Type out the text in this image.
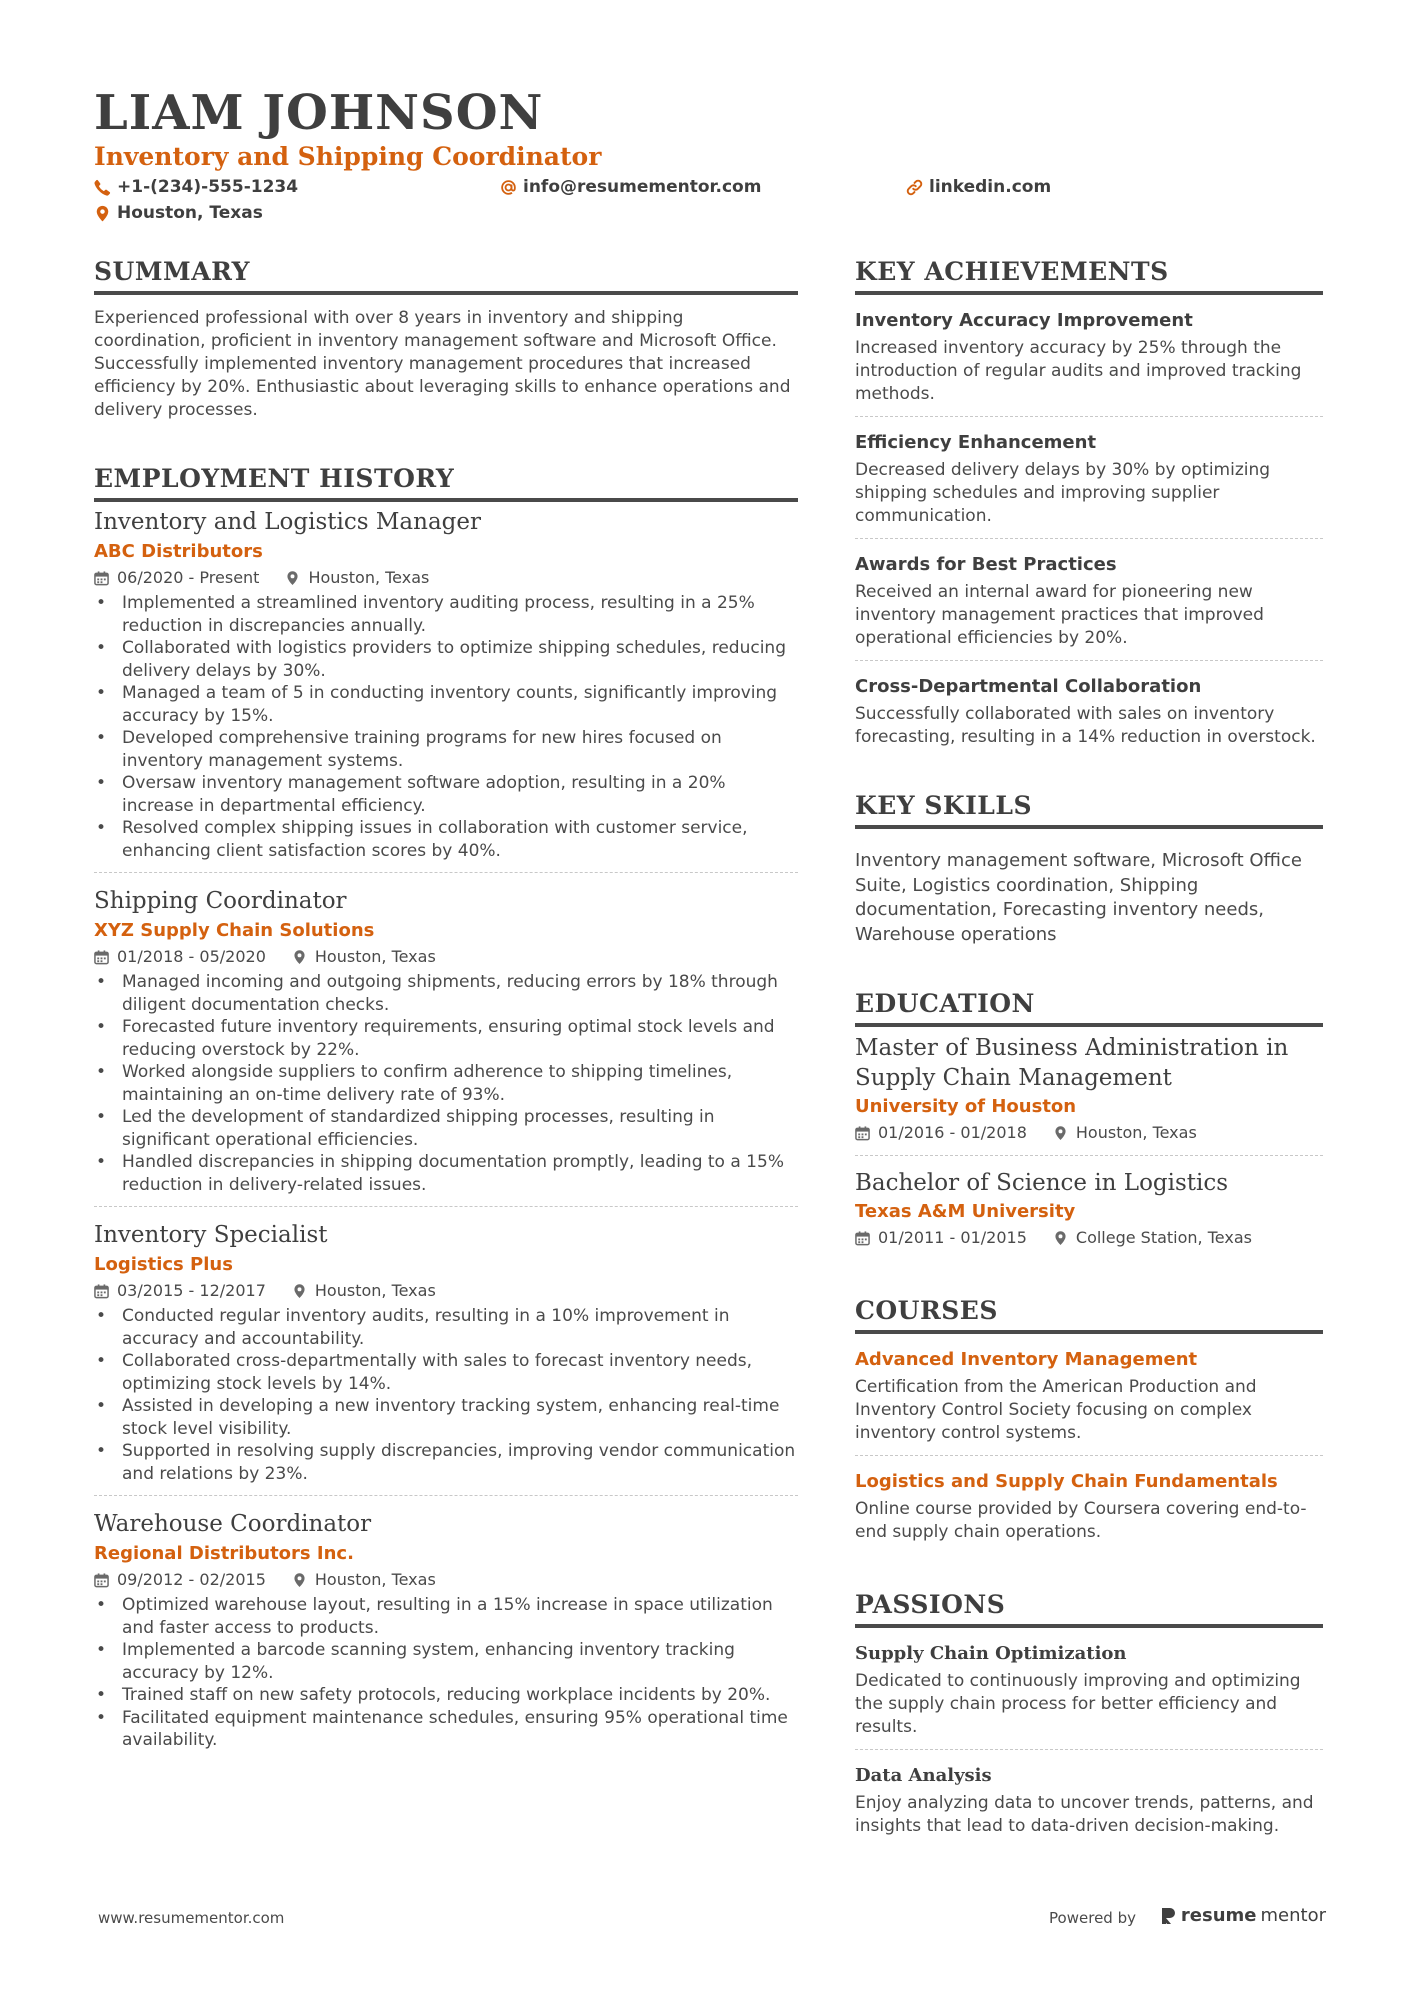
LIAM JOHNSON
Inventory and Shipping Coordinator
+1-(234)-555-1234	info@resumementor.com	linkedin.com
Houston, Texas
SUMMARY
Experienced professional with over 8 years in inventory and shipping coordination, proficient in inventory management software and Microsoft Office. Successfully implemented inventory management procedures that increased efficiency by 20%. Enthusiastic about leveraging skills to enhance operations and delivery processes.
EMPLOYMENT HISTORY
Inventory and Logistics Manager
ABC Distributors
06/2020 - Present	Houston, Texas
• Implemented a streamlined inventory auditing process, resulting in a 25% reduction in discrepancies annually.
• Collaborated with logistics providers to optimize shipping schedules, reducing delivery delays by 30%.
• Managed a team of 5 in conducting inventory counts, significantly improving accuracy by 15%.
• Developed comprehensive training programs for new hires focused on inventory management systems.
• Oversaw inventory management software adoption, resulting in a 20% increase in departmental efficiency.
• Resolved complex shipping issues in collaboration with customer service, enhancing client satisfaction scores by 40%.
Shipping Coordinator
XYZ Supply Chain Solutions
01/2018 - 05/2020	Houston, Texas
• Managed incoming and outgoing shipments, reducing errors by 18% through diligent documentation checks.
• Forecasted future inventory requirements, ensuring optimal stock levels and reducing overstock by 22%.
• Worked alongside suppliers to confirm adherence to shipping timelines, maintaining an on-time delivery rate of 93%.
• Led the development of standardized shipping processes, resulting in significant operational efficiencies.
• Handled discrepancies in shipping documentation promptly, leading to a 15% reduction in delivery-related issues.
Inventory Specialist
Logistics Plus
03/2015 - 12/2017	Houston, Texas
• Conducted regular inventory audits, resulting in a 10% improvement in accuracy and accountability.
• Collaborated cross-departmentally with sales to forecast inventory needs, optimizing stock levels by 14%.
• Assisted in developing a new inventory tracking system, enhancing real-time stock level visibility.
• Supported in resolving supply discrepancies, improving vendor communication and relations by 23%.
Warehouse Coordinator
Regional Distributors Inc.
09/2012 - 02/2015	Houston, Texas
• Optimized warehouse layout, resulting in a 15% increase in space utilization and faster access to products.
• Implemented a barcode scanning system, enhancing inventory tracking accuracy by 12%.
• Trained staff on new safety protocols, reducing workplace incidents by 20%.
• Facilitated equipment maintenance schedules, ensuring 95% operational time availability.
KEY ACHIEVEMENTS
Inventory Accuracy Improvement
Increased inventory accuracy by 25% through the introduction of regular audits and improved tracking methods.
Efficiency Enhancement
Decreased delivery delays by 30% by optimizing shipping schedules and improving supplier communication.
Awards for Best Practices
Received an internal award for pioneering new inventory management practices that improved operational efficiencies by 20%.
Cross-Departmental Collaboration
Successfully collaborated with sales on inventory forecasting, resulting in a 14% reduction in overstock.
KEY SKILLS
Inventory management software, Microsoft Office Suite, Logistics coordination, Shipping documentation, Forecasting inventory needs, Warehouse operations
EDUCATION
Master of Business Administration in Supply Chain Management
University of Houston
01/2016 - 01/2018	Houston, Texas
Bachelor of Science in Logistics
Texas A&M University
01/2011 - 01/2015	College Station, Texas
COURSES
Advanced Inventory Management
Certification from the American Production and Inventory Control Society focusing on complex inventory control systems.
Logistics and Supply Chain Fundamentals
Online course provided by Coursera covering end-to-end supply chain operations.
PASSIONS
Supply Chain Optimization
Dedicated to continuously improving and optimizing the supply chain process for better efficiency and results.
Data Analysis
Enjoy analyzing data to uncover trends, patterns, and insights that lead to data-driven decision-making.
www.resumementor.com	Powered by resume mentor
